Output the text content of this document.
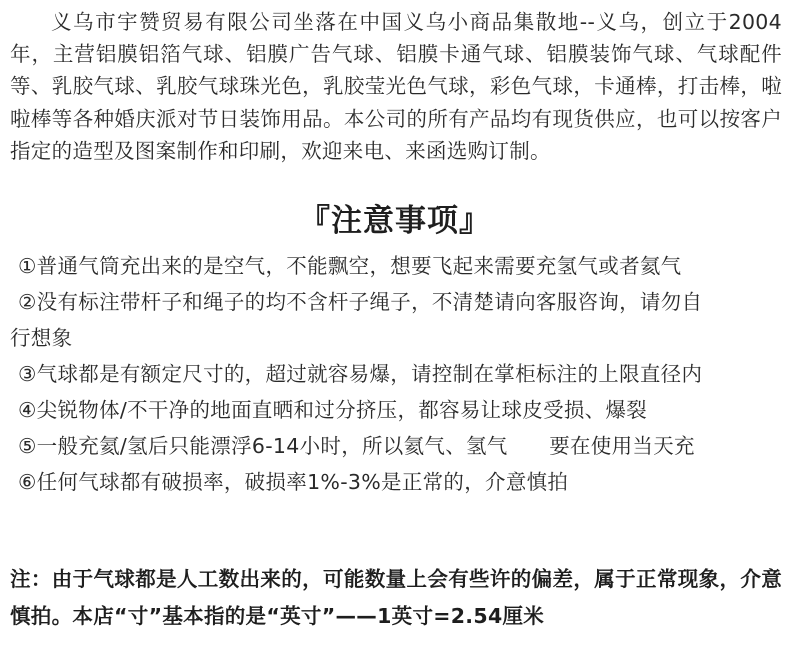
义乌市宇赞贸易有限公司坐落在中国义乌小商品集散地--义乌，创立于2004年，主营铝膜铝箔气球、铝膜广告气球、铝膜卡通气球、铝膜装饰气球、气球配件等、乳胶气球、乳胶气球珠光色，乳胶莹光色气球，彩色气球，卡通棒，打击棒，啦啦棒等各种婚庆派对节日装饰用品。本公司的所有产品均有现货供应，也可以按客户指定的造型及图案制作和印刷，欢迎来电、来函选购订制。

『注意事项』
①普通气筒充出来的是空气，不能飘空，想要飞起来需要充氢气或者氦气
②没有标注带杆子和绳子的均不含杆子绳子，不清楚请向客服咨询，请勿自
行想象
③气球都是有额定尺寸的，超过就容易爆，请控制在掌柜标注的上限直径内
④尖锐物体/不干净的地面直晒和过分挤压，都容易让球皮受损、爆裂
⑤一般充氦/氢后只能漂浮6-14小时，所以氦气、氢气　　要在使用当天充
⑥任何气球都有破损率，破损率1%-3%是正常的，介意慎拍

注：由于气球都是人工数出来的，可能数量上会有些许的偏差，属于正常现象，介意慎拍。本店“寸”基本指的是“英寸”——1英寸=2.54厘米
